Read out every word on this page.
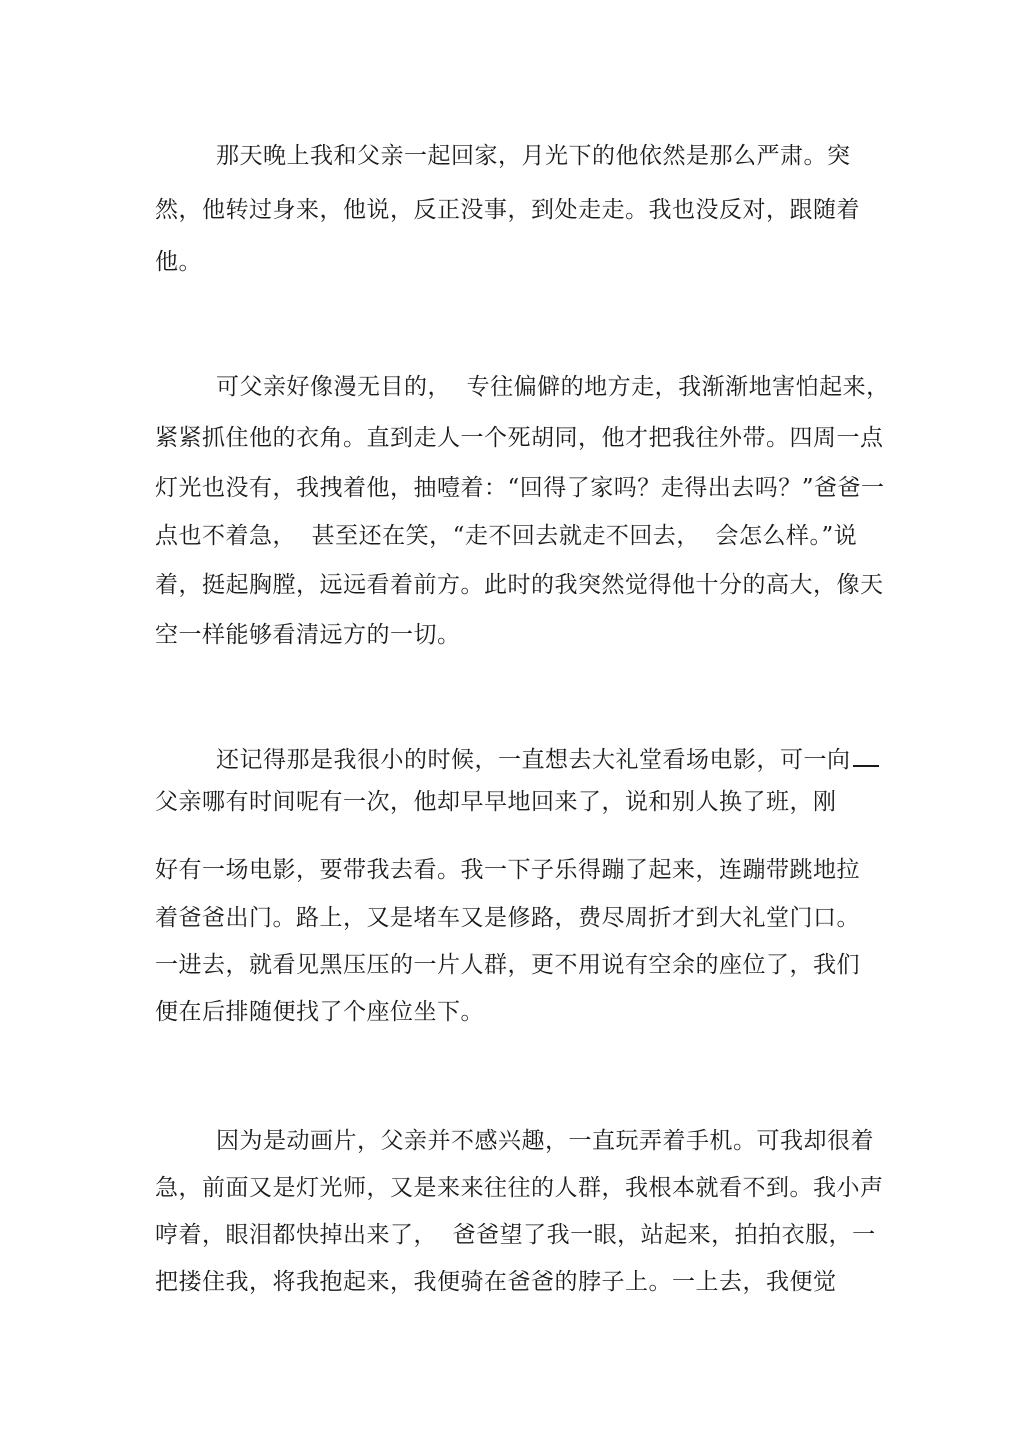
那天晚上我和父亲一起回家，月光下的他依然是那么严肃。突
然，他转过身来，他说，反正没事，到处走走。我也没反对，跟随着
他。
可父亲好像漫无目的，  专往偏僻的地方走，我渐渐地害怕起来，
紧紧抓住他的衣角。直到走人一个死胡同，他才把我往外带。四周一点
灯光也没有，我拽着他，抽噎着：“回得了家吗？走得出去吗？”爸爸一
点也不着急，  甚至还在笑，“走不回去就走不回去，  会怎么样。”说
着，挺起胸膛，远远看着前方。此时的我突然觉得他十分的高大，像天
空一样能够看清远方的一切。
还记得那是我很小的时候，一直想去大礼堂看场电影，可一向
父亲哪有时间呢有一次，他却早早地回来了，说和别人换了班，刚
好有一场电影，要带我去看。我一下子乐得蹦了起来，连蹦带跳地拉
着爸爸出门。路上，又是堵车又是修路，费尽周折才到大礼堂门口。
一进去，就看见黑压压的一片人群，更不用说有空余的座位了，我们
便在后排随便找了个座位坐下。
因为是动画片，父亲并不感兴趣，一直玩弄着手机。可我却很着
急，前面又是灯光师，又是来来往往的人群，我根本就看不到。我小声
哼着，眼泪都快掉出来了，  爸爸望了我一眼，站起来，拍拍衣服，一
把搂住我，将我抱起来，我便骑在爸爸的脖子上。一上去，我便觉
